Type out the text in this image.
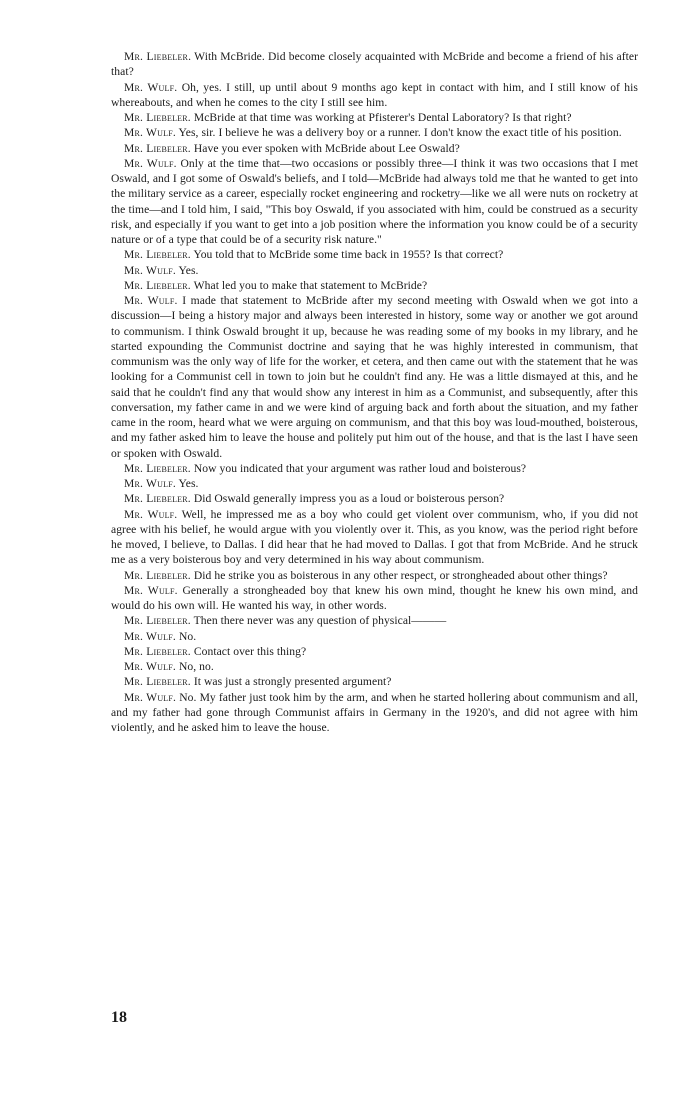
Mr. Liebeler. With McBride. Did become closely acquainted with McBride and become a friend of his after that?

Mr. Wulf. Oh, yes. I still, up until about 9 months ago kept in contact with him, and I still know of his whereabouts, and when he comes to the city I still see him.

Mr. Liebeler. McBride at that time was working at Pfisterer's Dental Laboratory? Is that right?

Mr. Wulf. Yes, sir. I believe he was a delivery boy or a runner. I don't know the exact title of his position.

Mr. Liebeler. Have you ever spoken with McBride about Lee Oswald?

Mr. Wulf. Only at the time that—two occasions or possibly three—I think it was two occasions that I met Oswald, and I got some of Oswald's beliefs, and I told—McBride had always told me that he wanted to get into the military service as a career, especially rocket engineering and rocketry—like we all were nuts on rocketry at the time—and I told him, I said, "This boy Oswald, if you associated with him, could be construed as a security risk, and especially if you want to get into a job position where the information you know could be of a security nature or of a type that could be of a security risk nature."

Mr. Liebeler. You told that to McBride some time back in 1955? Is that correct?

Mr. Wulf. Yes.

Mr. Liebeler. What led you to make that statement to McBride?

Mr. Wulf. I made that statement to McBride after my second meeting with Oswald when we got into a discussion—I being a history major and always been interested in history, some way or another we got around to communism. I think Oswald brought it up, because he was reading some of my books in my library, and he started expounding the Communist doctrine and saying that he was highly interested in communism, that communism was the only way of life for the worker, et cetera, and then came out with the statement that he was looking for a Communist cell in town to join but he couldn't find any. He was a little dismayed at this, and he said that he couldn't find any that would show any interest in him as a Communist, and subsequently, after this conversation, my father came in and we were kind of arguing back and forth about the situation, and my father came in the room, heard what we were arguing on communism, and that this boy was loud-mouthed, boisterous, and my father asked him to leave the house and politely put him out of the house, and that is the last I have seen or spoken with Oswald.

Mr. Liebeler. Now you indicated that your argument was rather loud and boisterous?

Mr. Wulf. Yes.

Mr. Liebeler. Did Oswald generally impress you as a loud or boisterous person?

Mr. Wulf. Well, he impressed me as a boy who could get violent over communism, who, if you did not agree with his belief, he would argue with you violently over it. This, as you know, was the period right before he moved, I believe, to Dallas. I did hear that he had moved to Dallas. I got that from McBride. And he struck me as a very boisterous boy and very determined in his way about communism.

Mr. Liebeler. Did he strike you as boisterous in any other respect, or strongheaded about other things?

Mr. Wulf. Generally a strongheaded boy that knew his own mind, thought he knew his own mind, and would do his own will. He wanted his way, in other words.

Mr. Liebeler. Then there never was any question of physical———

Mr. Wulf. No.

Mr. Liebeler. Contact over this thing?

Mr. Wulf. No, no.

Mr. Liebeler. It was just a strongly presented argument?

Mr. Wulf. No. My father just took him by the arm, and when he started hollering about communism and all, and my father had gone through Communist affairs in Germany in the 1920's, and did not agree with him violently, and he asked him to leave the house.

18
